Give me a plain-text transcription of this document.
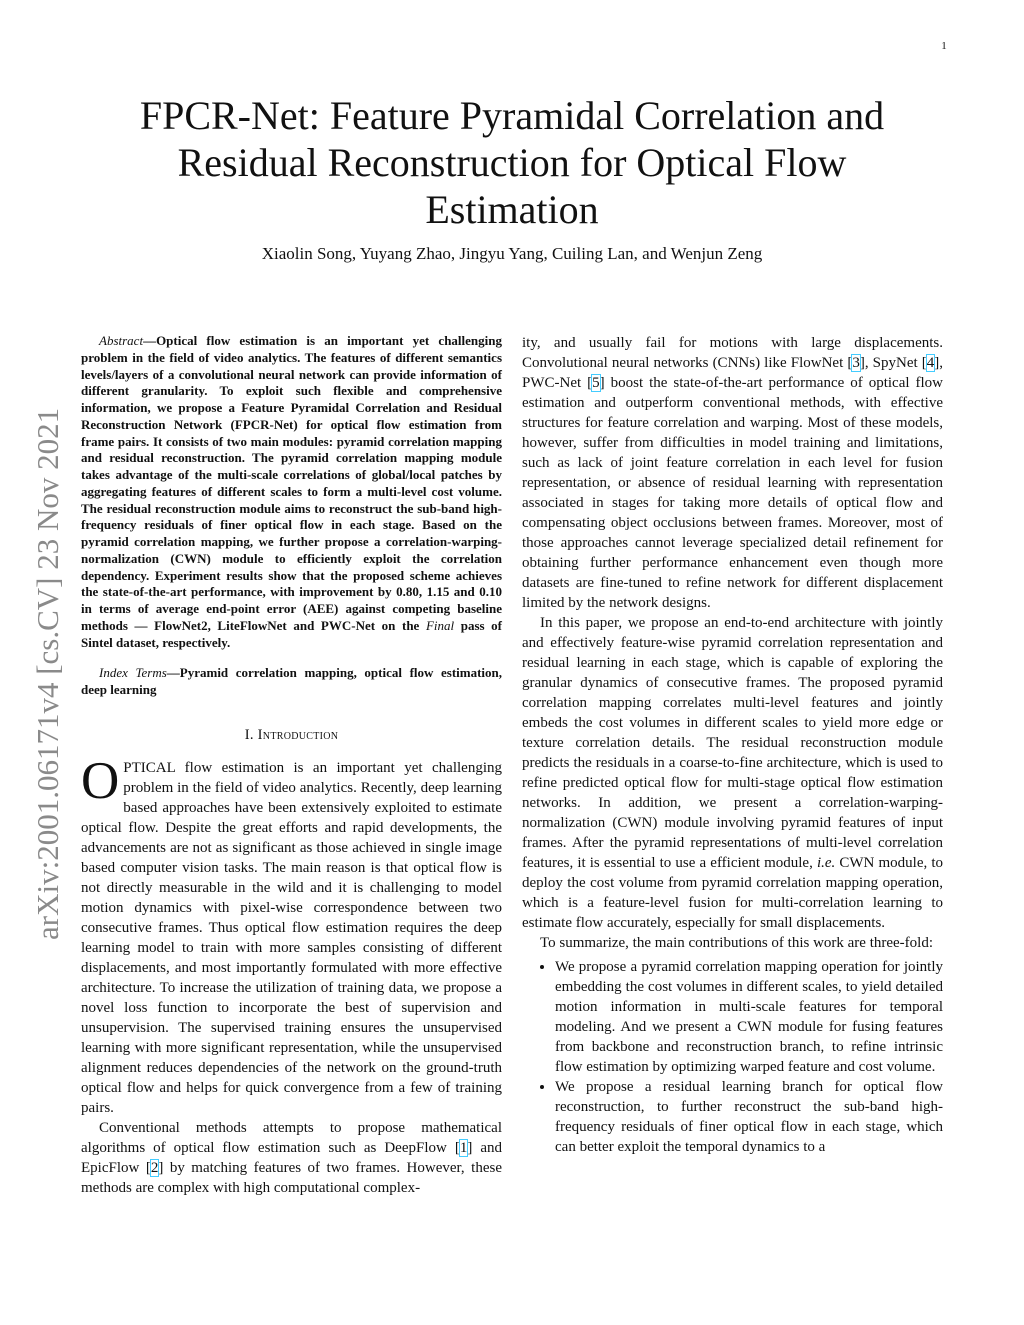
1
FPCR-Net: Feature Pyramidal Correlation and Residual Reconstruction for Optical Flow Estimation
Xiaolin Song, Yuyang Zhao, Jingyu Yang, Cuiling Lan, and Wenjun Zeng
arXiv:2001.06171v4 [cs.CV] 23 Nov 2021

Abstract—Optical flow estimation is an important yet challenging problem in the field of video analytics. The features of different semantics levels/layers of a convolutional neural network can provide information of different granularity. To exploit such flexible and comprehensive information, we propose a Feature Pyramidal Correlation and Residual Reconstruction Network (FPCR-Net) for optical flow estimation from frame pairs. It consists of two main modules: pyramid correlation mapping and residual reconstruction. The pyramid correlation mapping module takes advantage of the multi-scale correlations of global/local patches by aggregating features of different scales to form a multi-level cost volume. The residual reconstruction module aims to reconstruct the sub-band high-frequency residuals of finer optical flow in each stage. Based on the pyramid correlation mapping, we further propose a correlation-warping-normalization (CWN) module to efficiently exploit the correlation dependency. Experiment results show that the proposed scheme achieves the state-of-the-art performance, with improvement by 0.80, 1.15 and 0.10 in terms of average end-point error (AEE) against competing baseline methods — FlowNet2, LiteFlowNet and PWC-Net on the Final pass of Sintel dataset, respectively.

Index Terms—Pyramid correlation mapping, optical flow estimation, deep learning

I. Introduction

OPTICAL flow estimation is an important yet challenging problem in the field of video analytics. Recently, deep learning based approaches have been extensively exploited to estimate optical flow. Despite the great efforts and rapid developments, the advancements are not as significant as those achieved in single image based computer vision tasks. The main reason is that optical flow is not directly measurable in the wild and it is challenging to model motion dynamics with pixel-wise correspondence between two consecutive frames. Thus optical flow estimation requires the deep learning model to train with more samples consisting of different displacements, and most importantly formulated with more effective architecture. To increase the utilization of training data, we propose a novel loss function to incorporate the best of supervision and unsupervision. The supervised training ensures the unsupervised learning with more significant representation, while the unsupervised alignment reduces dependencies of the network on the ground-truth optical flow and helps for quick convergence from a few of training pairs.

Conventional methods attempts to propose mathematical algorithms of optical flow estimation such as DeepFlow [1] and EpicFlow [2] by matching features of two frames. However, these methods are complex with high computational complex-

ity, and usually fail for motions with large displacements. Convolutional neural networks (CNNs) like FlowNet [3], SpyNet [4], PWC-Net [5] boost the state-of-the-art performance of optical flow estimation and outperform conventional methods, with effective structures for feature correlation and warping. Most of these models, however, suffer from difficulties in model training and limitations, such as lack of joint feature correlation in each level for fusion representation, or absence of residual learning with representation associated in stages for taking more details of optical flow and compensating object occlusions between frames. Moreover, most of those approaches cannot leverage specialized detail refinement for obtaining further performance enhancement even though more datasets are fine-tuned to refine network for different displacement limited by the network designs.

In this paper, we propose an end-to-end architecture with jointly and effectively feature-wise pyramid correlation representation and residual learning in each stage, which is capable of exploring the granular dynamics of consecutive frames. The proposed pyramid correlation mapping correlates multi-level features and jointly embeds the cost volumes in different scales to yield more edge or texture correlation details. The residual reconstruction module predicts the residuals in a coarse-to-fine architecture, which is used to refine predicted optical flow for multi-stage optical flow estimation networks. In addition, we present a correlation-warping-normalization (CWN) module involving pyramid features of input frames. After the pyramid representations of multi-level correlation features, it is essential to use a efficient module, i.e. CWN module, to deploy the cost volume from pyramid correlation mapping operation, which is a feature-level fusion for multi-correlation learning to estimate flow accurately, especially for small displacements.

To summarize, the main contributions of this work are three-fold:

• We propose a pyramid correlation mapping operation for jointly embedding the cost volumes in different scales, to yield detailed motion information in multi-scale features for temporal modeling. And we present a CWN module for fusing features from backbone and reconstruction branch, to refine intrinsic flow estimation by optimizing warped feature and cost volume.
• We propose a residual learning branch for optical flow reconstruction, to further reconstruct the sub-band high-frequency residuals of finer optical flow in each stage, which can better exploit the temporal dynamics to a
